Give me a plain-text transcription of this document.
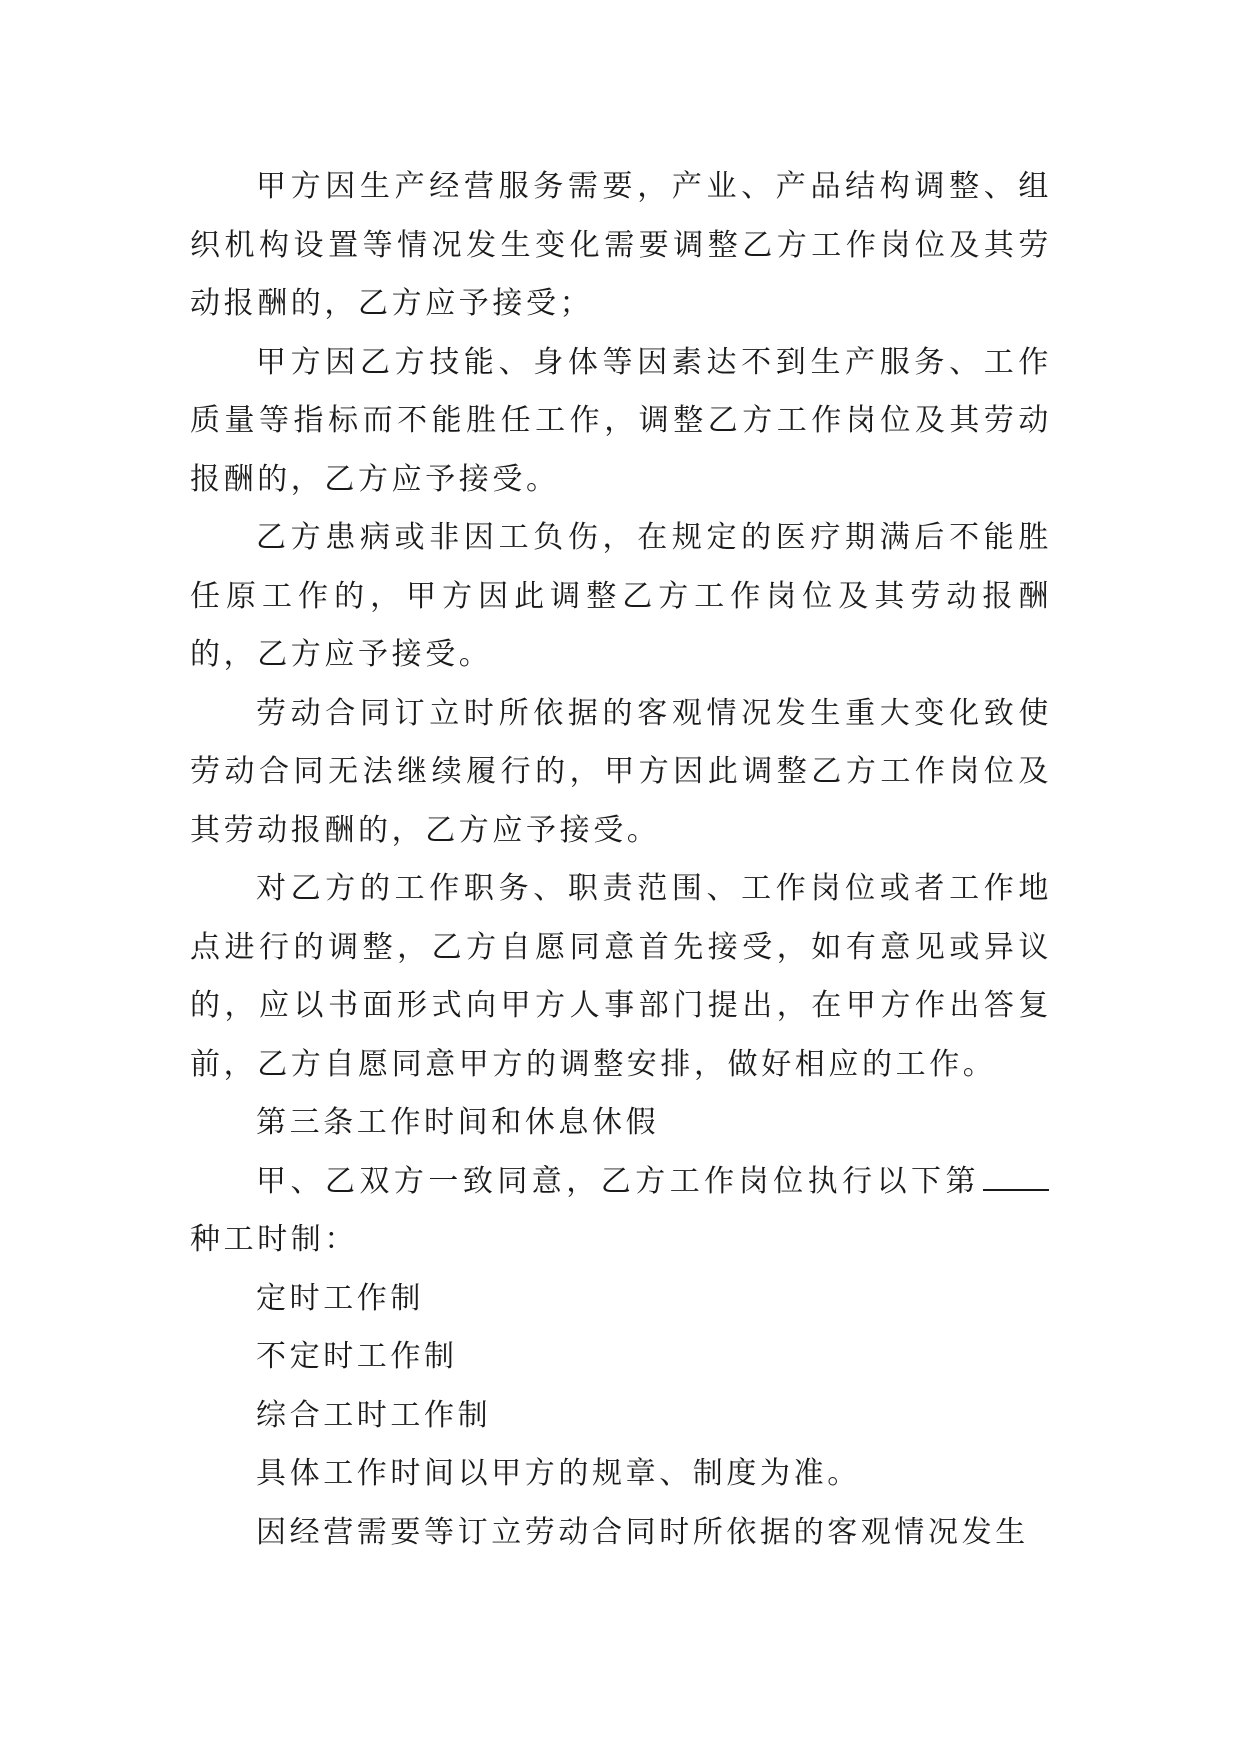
甲方因生产经营服务需要，产业、产品结构调整、组织机构设置等情况发生变化需要调整乙方工作岗位及其劳动报酬的，乙方应予接受；

甲方因乙方技能、身体等因素达不到生产服务、工作质量等指标而不能胜任工作，调整乙方工作岗位及其劳动报酬的，乙方应予接受。

乙方患病或非因工负伤，在规定的医疗期满后不能胜任原工作的，甲方因此调整乙方工作岗位及其劳动报酬的，乙方应予接受。

劳动合同订立时所依据的客观情况发生重大变化致使劳动合同无法继续履行的，甲方因此调整乙方工作岗位及其劳动报酬的，乙方应予接受。

对乙方的工作职务、职责范围、工作岗位或者工作地点进行的调整，乙方自愿同意首先接受，如有意见或异议的，应以书面形式向甲方人事部门提出，在甲方作出答复前，乙方自愿同意甲方的调整安排，做好相应的工作。

第三条工作时间和休息休假

甲、乙双方一致同意，乙方工作岗位执行以下第种工时制：

定时工作制

不定时工作制

综合工时工作制

具体工作时间以甲方的规章、制度为准。

因经营需要等订立劳动合同时所依据的客观情况发生
